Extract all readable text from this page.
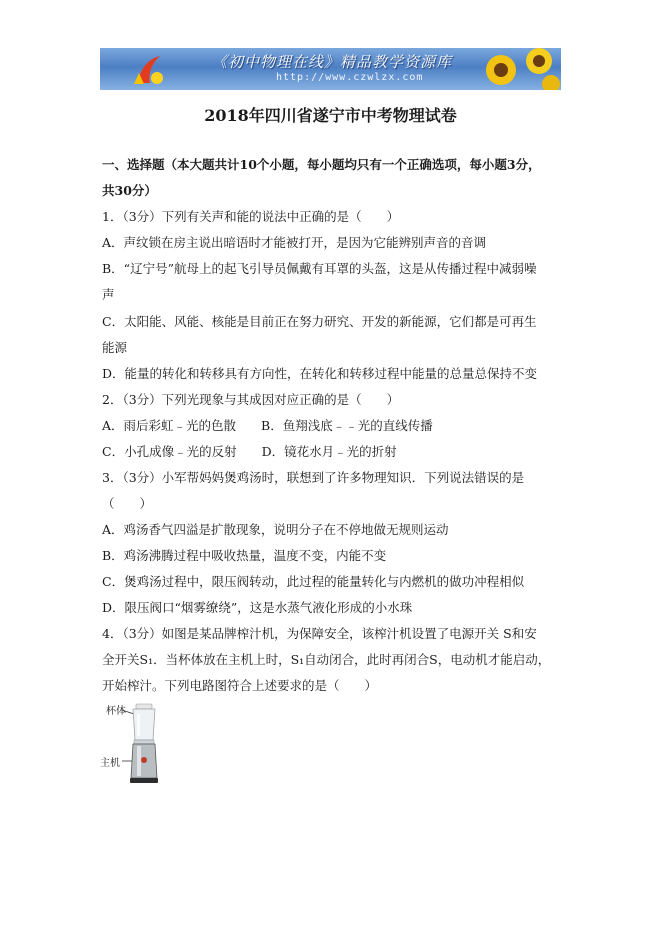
《初中物理在线》精品教学资源库
http://www.czwlzx.com
2018年四川省遂宁市中考物理试卷
一、选择题（本大题共计10个小题，每小题均只有一个正确选项，每小题3分，
共30分）
1．（3分）下列有关声和能的说法中正确的是（　　）
A．声纹锁在房主说出暗语时才能被打开，是因为它能辨别声音的音调
B．“辽宁号”航母上的起飞引导员佩戴有耳罩的头盔，这是从传播过程中减弱噪
声
C．太阳能、风能、核能是目前正在努力研究、开发的新能源，它们都是可再生
能源
D．能量的转化和转移具有方向性，在转化和转移过程中能量的总量总保持不变
2．（3分）下列光现象与其成因对应正确的是（　　）
A．雨后彩虹﹣光的色散　　B．鱼翔浅底﹣﹣光的直线传播
C．小孔成像﹣光的反射　　D．镜花水月﹣光的折射
3．（3分）小军帮妈妈煲鸡汤时，联想到了许多物理知识．下列说法错误的是
（　　）
A．鸡汤香气四溢是扩散现象，说明分子在不停地做无规则运动
B．鸡汤沸腾过程中吸收热量，温度不变，内能不变
C．煲鸡汤过程中，限压阀转动，此过程的能量转化与内燃机的做功冲程相似
D．限压阀口“烟雾缭绕”，这是水蒸气液化形成的小水珠
4．（3分）如图是某品牌榨汁机，为保障安全，该榨汁机设置了电源开关 S和安
全开关S₁．当杯体放在主机上时，S₁自动闭合，此时再闭合S，电动机才能启动，
开始榨汁。下列电路图符合上述要求的是（　　）
杯体
主机
